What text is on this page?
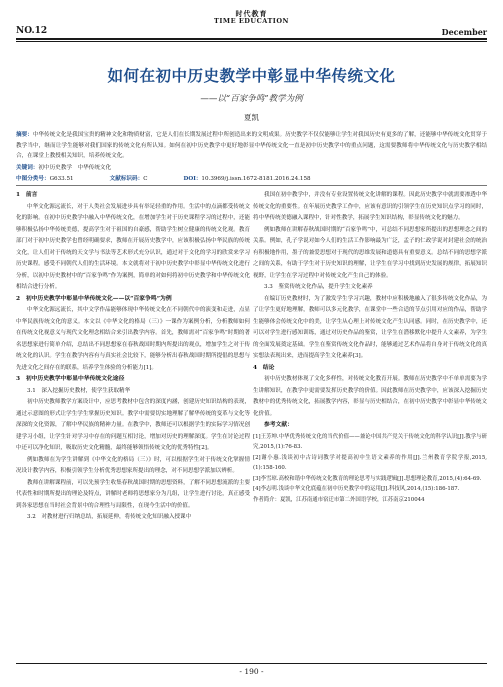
时代教育
TIME EDUCATION
NO.12	December
如何在初中历史教学中彰显中华传统文化
——以“百家争鸣”教学为例
夏凯
摘要：中华传统文化是我国宝贵的精神文化和物质财富，它是人们在长期发展过程中所创造出来的文明成果。历史教学不仅仅能够让学生对我国历史有更多的了解，还能够中华传统文化贯穿于教学当中，继而让学生能够对我们国家的传统文化有所认知。如何在初中历史教学中更好地彰显中华传统文化一直是初中历史教学中的重点问题，这需要教师将中华传统文化与历史教学相结合，在课堂上教授相关知识，培养传统文化。
关键词：初中历史教学　中华传统文化
中图分类号：G633.51	文献标识码：C	DOI：10.3969/j.issn.1672-8181.2016.24.158

1　前言

中华文化源远流长，对于人类社会发展进步具有举足轻重的作用。生活中的点滴都受传统文化的影响。在初中历史教学中融入中华传统文化，在增加学生对于历史课程学习的过程中，还能够积极弘扬中华传统美德，提高学生对于祖国的自豪感，帮助学生树立健康的传统文化观。教育部门对于初中历史教学也曾经明确要求，教师在开展历史教学中，应该积极弘扬中华民族的传统文化，让人们对于传统的天文学与书法等艺术形式充分认识，通过对于文化的学习的欣赏来学习历史课程。感受不同朝代人们的生活环境。本文就将对于初中历史教学中彰显中华传统文化进行分析，以初中历史教材中的“百家争鸣”作为案例，简单的对如何将初中历史教学和中华传统文化相结合进行分析。

2　初中历史教学中彰显中华传统文化——以“百家争鸣”为例

中华文化源远流长，其中文学作品能够体现中华传统文化在不同朝代中的演变和走进，点显中华民族传统文化的意义。本文以《中华文化的格局（三）》一课作为案例分析，分析教师如何在传统文化视意义与现代文化理念相结合来引出教学内容。首先，教师需对“百家争鸣”时期的著名思想家进行简单介绍，总结出不同思想家在春秋战国时期内所提出的观点，增加学生之对于传统文化的认识。学生在教学内容有与真实社会比较下，能够分析出春秋战国时期所提倡的思想与先进文化之间存在的联系，培养学生体验的分析能力[1]。

3　初中历史教学中彰显中华传统文化途径

3.1　深入挖掘历史教材，使学生获取精华

初中历史教师教学方案设计中，应思考教材中包含的深度内涵，创建历史知识结构的表现，通过示意图的形式让学生学生掌握历史知识。教学中需要切实地理解了解华传统的变革与文化等深深的文化资源，了解中华民族的精神力量。在教学中，教师还可以根据学生的实际学习情况创建学习小组，让学生针对学习中存在的问题互相讨论，增加对历史的理解深度。学生在讨论过程中还可以净化知识，吸取历史文化精髓，最终能够领悟传统文化的优秀特性[2]。

例如教师在为学生讲解到《中华文化的格局（三）》时，可以根据学生对于传统文化掌握情况设计教学内容，积极引领学生分析优秀思想家所提出的理念，对不同思想学派加以辨析。

教师在讲解课程前，可以先预学生收集春秋战国时期的思想资料，了解不同思想流派的主要代表性和时期所提出的理论及特点，讲解时老师将思想家分为几组，让学生进行讨论，真正感受到各家思想在当时社会背景中的合理性与局限性，在现今生活中的价值。

3.2　对教材进行归纳总结，拓展延伸，将传统文化知识融入授课中

我国在初中教学中，并没有专业设置传统文化讲解的课程。因此历史教学中就需要渗透中华传统文化的重要性。在年展历史教学工作中，应该有意识的引领学生在历史知识点学习的同时，将中华传统美德融入课程中，针对性教学，拓展学生知识结构，彰显传统文化的魅力。

例如教师在讲解春秋战国时期的“百家争鸣”中，可总结不同思想家所提出的思想理念之间的关系。例如，孔子学说对如今人们的生活工作影响最为广泛，孟子的仁政学说对封建社会的统治有积极地作用，墨子的兼爱思想对于现代的思维发展和道德具有重要意义。总结不同的思想学派之间的关系，有助于学生对于历史知识的理解，让学生在学习中找到历史发展的规律，拓展知识视野，让学生在学习过程中对传统文化产生自己的体验。

3.3　鉴赏传统文化作品，提升学生文化素养

在编订历史教材时，为了激发学生学习兴趣，教材中应积极地融入了很多传统文化作品，为了让学生更好地理解，教师可以多元化教学，在课堂中一些合适的节点引用对应的作品，帮助学生能够体会传统文化中的美，让学生从心理上对传统文化产生认同感。同时，在历史教学中，还可以对学生进行感知训练，通过对历史作品的鉴赏，让学生在潜移默化中提升人文素养，为学生的全面发展奠定基础。学生在鉴赏传统文化作品时，能够通过艺术作品将自身对于传统文化的真实想法表现出来，进而提高学生文化素养[3]。

4　结论

初中历史教材体现了文化多样性，对传统文化教育开展。教师在历史教学中不单单需要为学生讲解知识，在教学中更需要发挥历史教学的价值。因此教师在历史教学中，应该深入挖掘历史教材中的优秀传统文化，拓展教学内容，彰显与历史相结合，在初中历史教学中彰显中华传统文化价值。

参考文献：

[1]王芳坤.中华优秀传统文化的当代价值——兼论中国共产党关于传统文化的科学认识[J].教学与研究,2015,(1):76-83.

[2]谢小惠.浅谈初中古诗词教学对提高初中生语文素养的作用[J].兰州教育学院学报,2015,(1):158-160.

[3]李雪琼.高校和谐中华传统文化教育的理论思考与实践逻辑[J].思想理论教育,2015,(4):64-69.

[4]李志明.浅谈中华文化底蕴在初中历史教学中的运用[J].科技风,2014,(15):186-187.

作者简介：夏凯，江苏南通市宿迁市第二外国语学校，江苏南京210044

- 190 -
